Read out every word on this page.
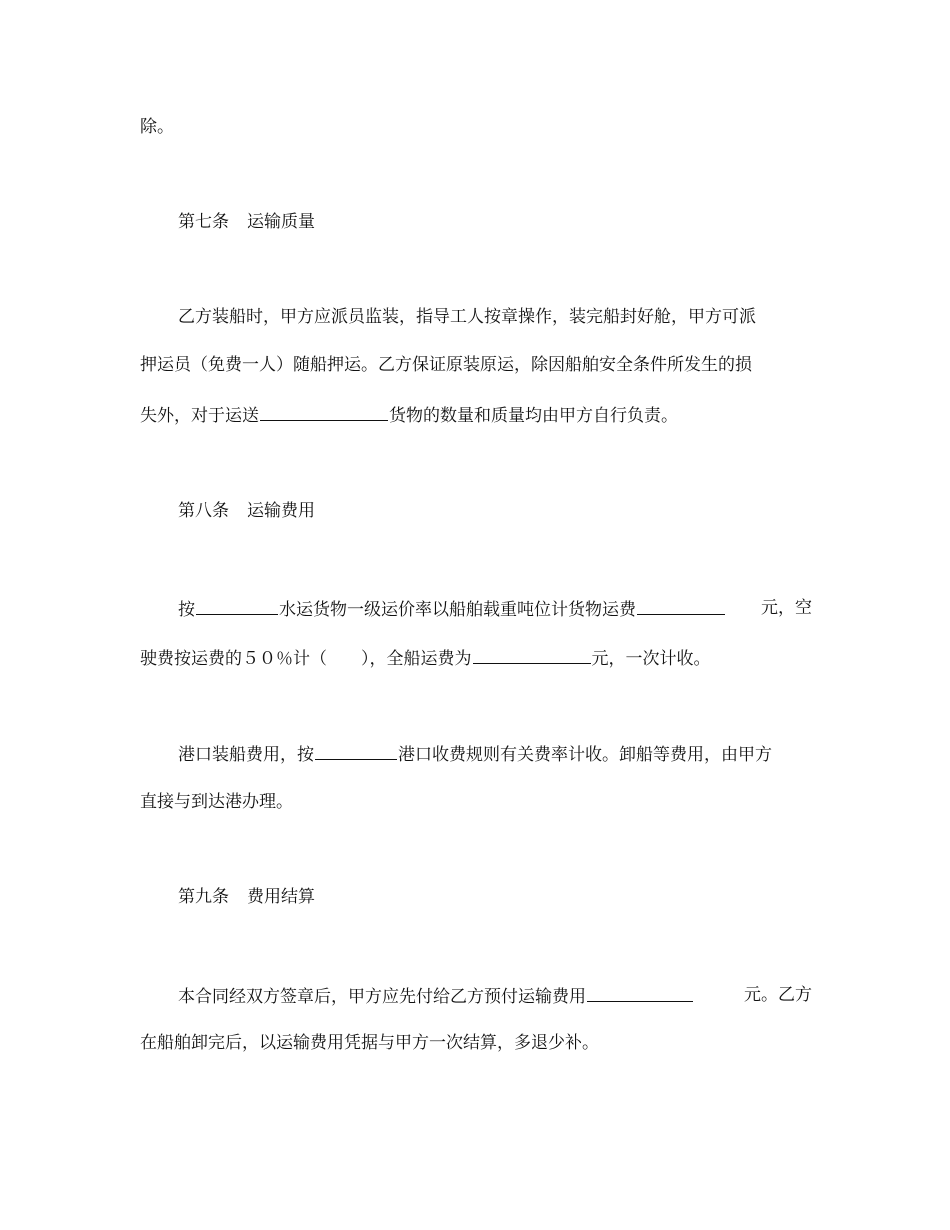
除。
第七条 运输质量
乙方装船时，甲方应派员监装，指导工人按章操作，装完船封好舱，甲方可派
押运员（免费一人）随船押运。乙方保证原装原运，除因船舶安全条件所发生的损
失外，对于运送	货物的数量和质量均由甲方自行负责。
第八条 运输费用
按	水运货物一级运价率以船舶载重吨位计货物运费	元，空
驶费按运费的５０％计（　　），全船运费为	元，一次计收。
港口装船费用，按	港口收费规则有关费率计收。卸船等费用，由甲方
直接与到达港办理。
第九条 费用结算
本合同经双方签章后，甲方应先付给乙方预付运输费用	元。乙方
在船舶卸完后，以运输费用凭据与甲方一次结算，多退少补。
